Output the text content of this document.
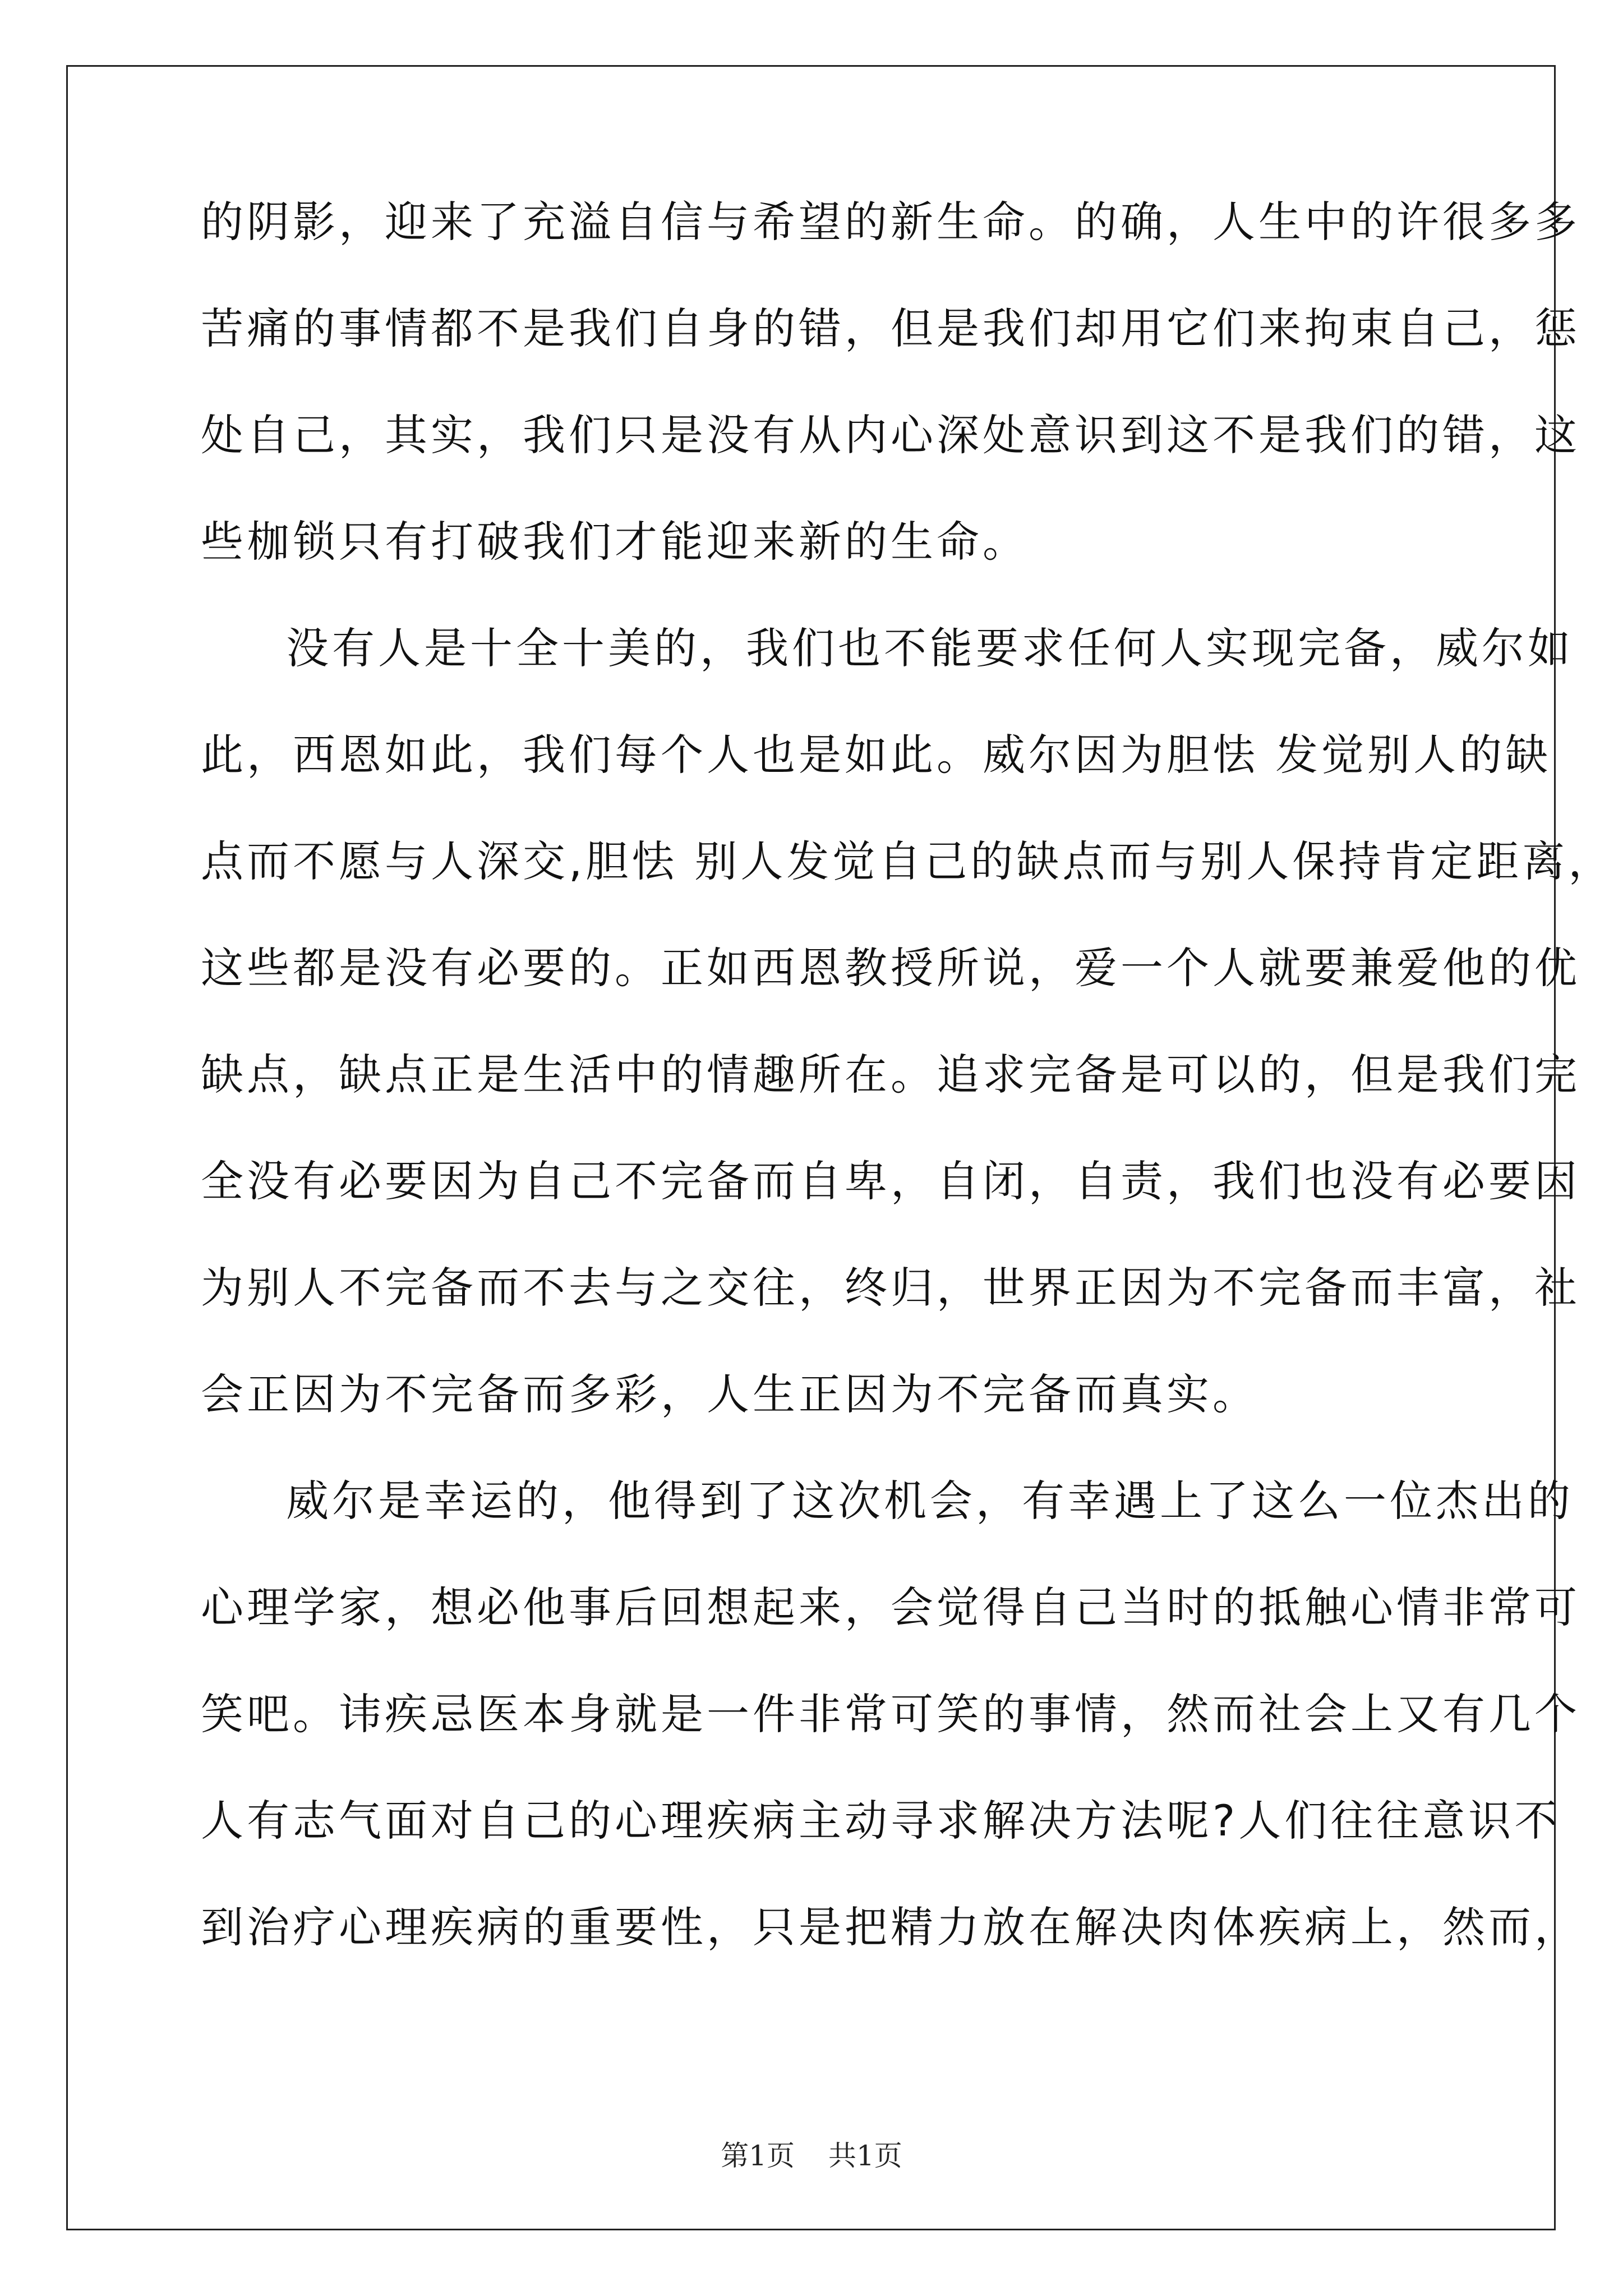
的阴影，迎来了充溢自信与希望的新生命。的确，人生中的许很多多
苦痛的事情都不是我们自身的错，但是我们却用它们来拘束自己，惩
处自己，其实，我们只是没有从内心深处意识到这不是我们的错，这
些枷锁只有打破我们才能迎来新的生命。
没有人是十全十美的，我们也不能要求任何人实现完备，威尔如
此，西恩如此，我们每个人也是如此。威尔因为胆怯 发觉别人的缺
点而不愿与人深交,胆怯 别人发觉自己的缺点而与别人保持肯定距离，
这些都是没有必要的。正如西恩教授所说，爱一个人就要兼爱他的优
缺点，缺点正是生活中的情趣所在。追求完备是可以的，但是我们完
全没有必要因为自己不完备而自卑，自闭，自责，我们也没有必要因
为别人不完备而不去与之交往，终归，世界正因为不完备而丰富，社
会正因为不完备而多彩，人生正因为不完备而真实。
威尔是幸运的，他得到了这次机会，有幸遇上了这么一位杰出的
心理学家，想必他事后回想起来，会觉得自己当时的抵触心情非常可
笑吧。讳疾忌医本身就是一件非常可笑的事情，然而社会上又有几个
人有志气面对自己的心理疾病主动寻求解决方法呢?人们往往意识不
到治疗心理疾病的重要性，只是把精力放在解决肉体疾病上，然而，
第1页 共1页
